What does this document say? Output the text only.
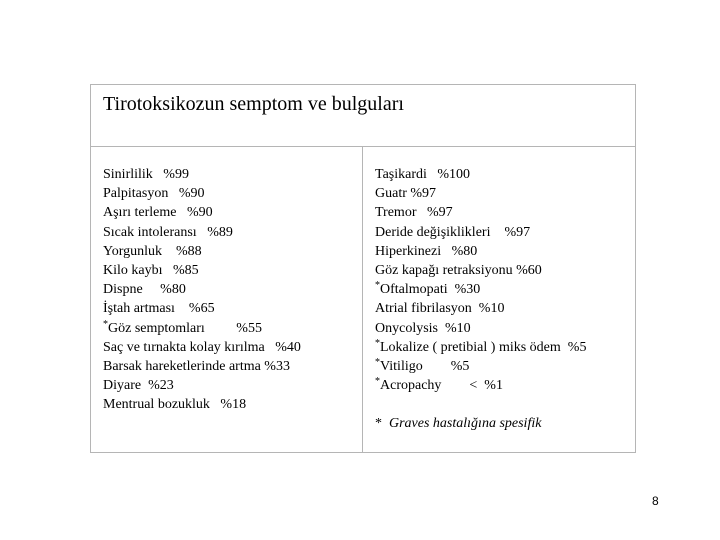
Tirotoksikozun semptom ve bulguları
Sinirlilik   %99
Palpitasyon   %90
Aşırı terleme   %90
Sıcak intoleransı   %89
Yorgunluk    %88
Kilo kaybı   %85
Dispne     %80
İştah artması    %65
*Göz semptomları         %55
Saç ve tırnakta kolay kırılma   %40
Barsak hareketlerinde artma %33
Diyare  %23
Mentrual bozukluk   %18
Taşikardi   %100
Guatr %97
Tremor   %97
Deride değişiklikleri    %97
Hiperkinezi   %80
Göz kapağı retraksiyonu %60
*Oftalmopati  %30
Atrial fibrilasyon  %10
Onycolysis  %10
*Lokalize ( pretibial ) miks ödem  %5
*Vitiligo        %5
*Acropachy        <  %1
* Graves hastalığına spesifik
8
